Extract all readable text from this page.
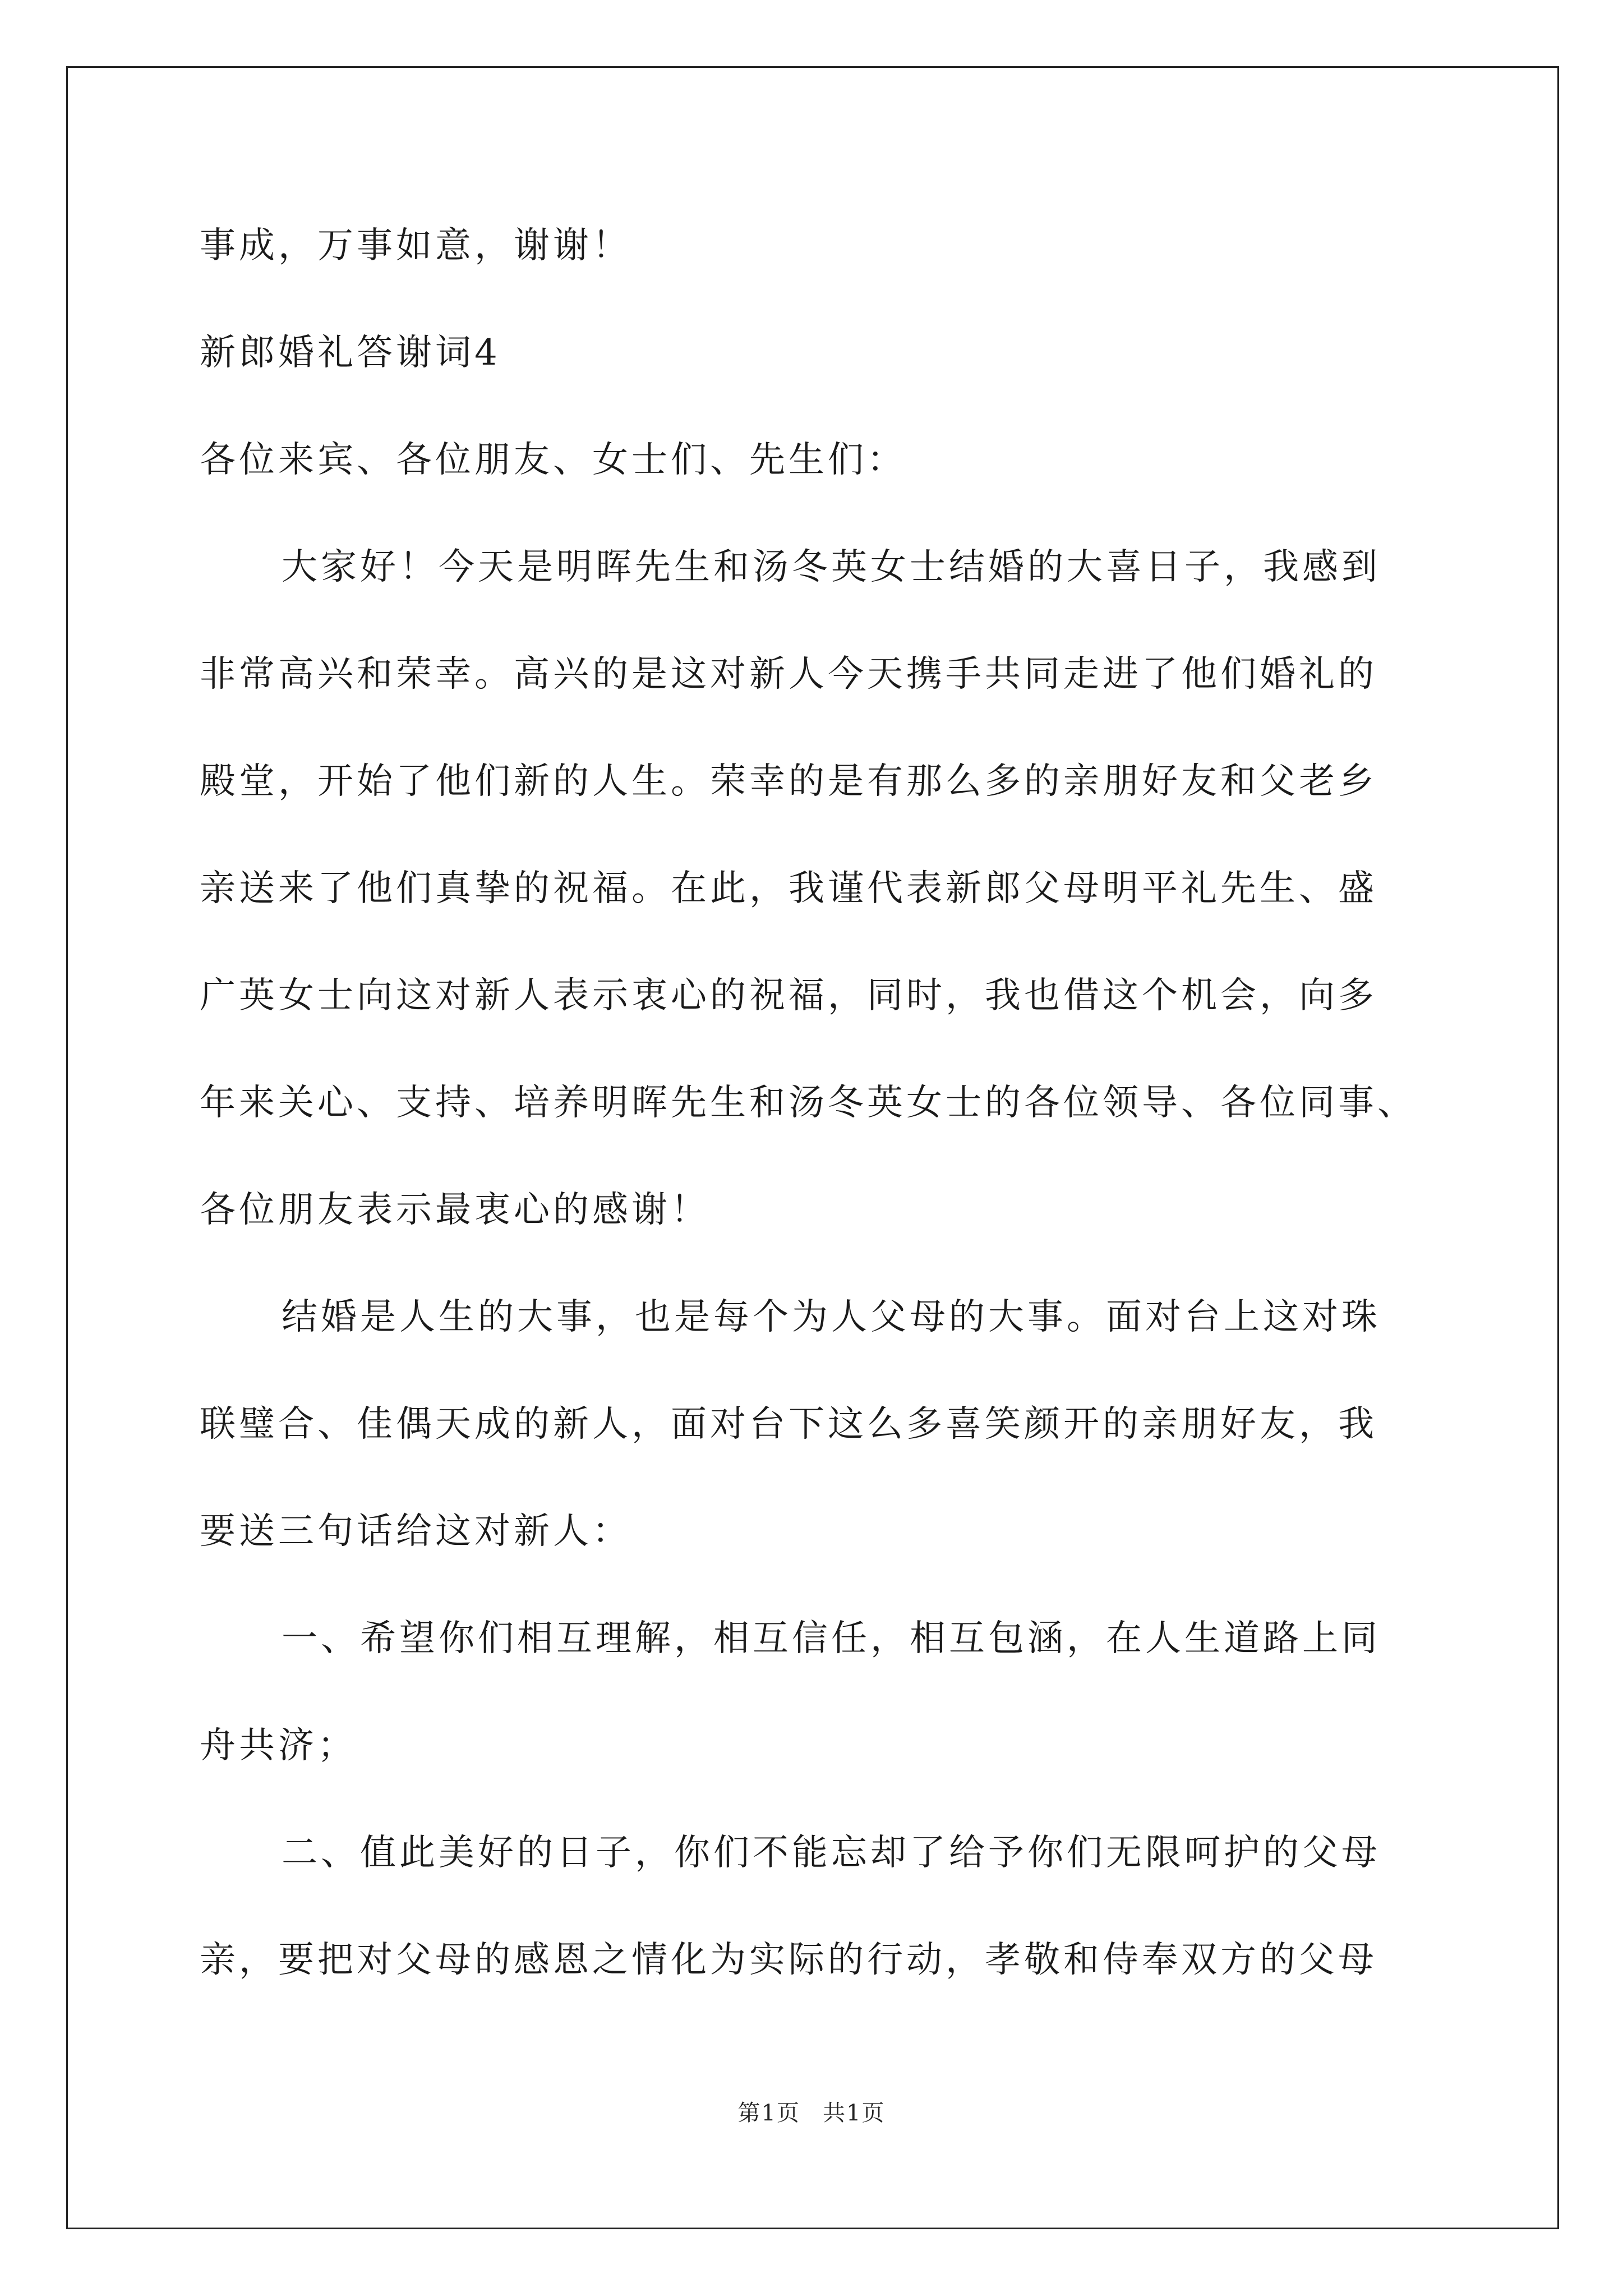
事成，万事如意，谢谢！
新郎婚礼答谢词4
各位来宾、各位朋友、女士们、先生们：
大家好！今天是明晖先生和汤冬英女士结婚的大喜日子，我感到
非常高兴和荣幸。高兴的是这对新人今天携手共同走进了他们婚礼的
殿堂，开始了他们新的人生。荣幸的是有那么多的亲朋好友和父老乡
亲送来了他们真挚的祝福。在此，我谨代表新郎父母明平礼先生、盛
广英女士向这对新人表示衷心的祝福，同时，我也借这个机会，向多
年来关心、支持、培养明晖先生和汤冬英女士的各位领导、各位同事、
各位朋友表示最衷心的感谢！
结婚是人生的大事，也是每个为人父母的大事。面对台上这对珠
联璧合、佳偶天成的新人，面对台下这么多喜笑颜开的亲朋好友，我
要送三句话给这对新人：
一、希望你们相互理解，相互信任，相互包涵，在人生道路上同
舟共济；
二、值此美好的日子，你们不能忘却了给予你们无限呵护的父母
亲，要把对父母的感恩之情化为实际的行动，孝敬和侍奉双方的父母
第1页 共1页
